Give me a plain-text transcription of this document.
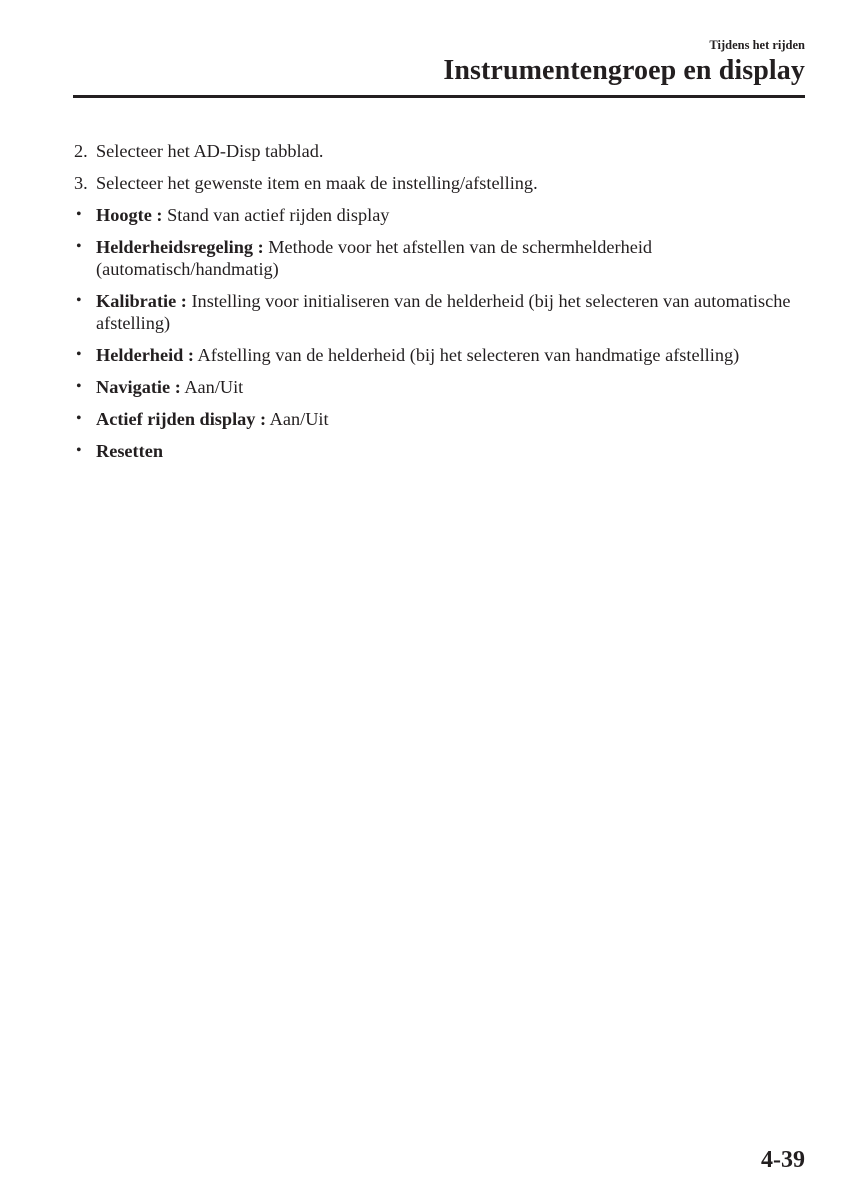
Tijdens het rijden
Instrumentengroep en display
2. Selecteer het AD-Disp tabblad.
3. Selecteer het gewenste item en maak de instelling/afstelling.
• Hoogte : Stand van actief rijden display
• Helderheidsregeling : Methode voor het afstellen van de schermhelderheid (automatisch/handmatig)
• Kalibratie : Instelling voor initialiseren van de helderheid (bij het selecteren van automatische afstelling)
• Helderheid : Afstelling van de helderheid (bij het selecteren van handmatige afstelling)
• Navigatie : Aan/Uit
• Actief rijden display : Aan/Uit
• Resetten
4-39
